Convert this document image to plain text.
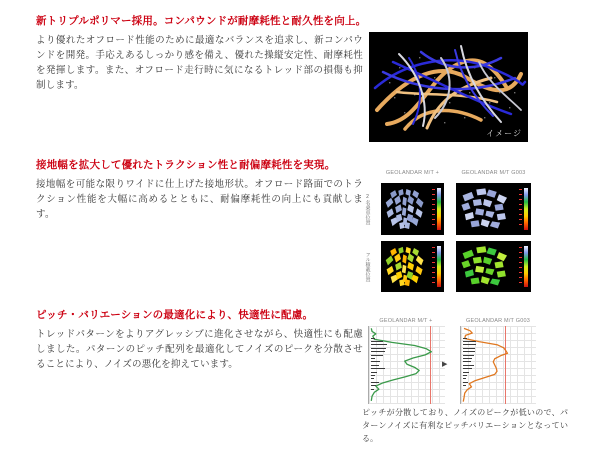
新トリプルポリマー採用。コンパウンドが耐摩耗性と耐久性を向上。
より優れたオフロード性能のために最適なバランスを追求し、新コンパウンドを開発。手応えあるしっかり感を備え、優れた操縦安定性、耐摩耗性を発揮します。また、オフロード走行時に気になるトレッド部の損傷も抑制します。
イメージ
接地幅を拡大して優れたトラクション性と耐偏摩耗性を実現。
接地幅を可能な限りワイドに仕上げた接地形状。オフロード路面でのトラクション性能を大幅に高めるとともに、耐偏摩耗性の向上にも貢献します。
GEOLANDAR M/T +	GEOLANDAR M/T G003
2名乗車位置
フル積載位置
ピッチ・バリエーションの最適化により、快適性に配慮。
トレッドパターンをよりアグレッシブに進化させながら、快適性にも配慮しました。パターンのピッチ配列を最適化してノイズのピークを分散させることにより、ノイズの悪化を抑えています。
GEOLANDAR M/T +	GEOLANDAR M/T G003
▶
ピッチが分散しており、ノイズのピークが低いので、パターンノイズに有利なピッチバリエーションとなっている。
